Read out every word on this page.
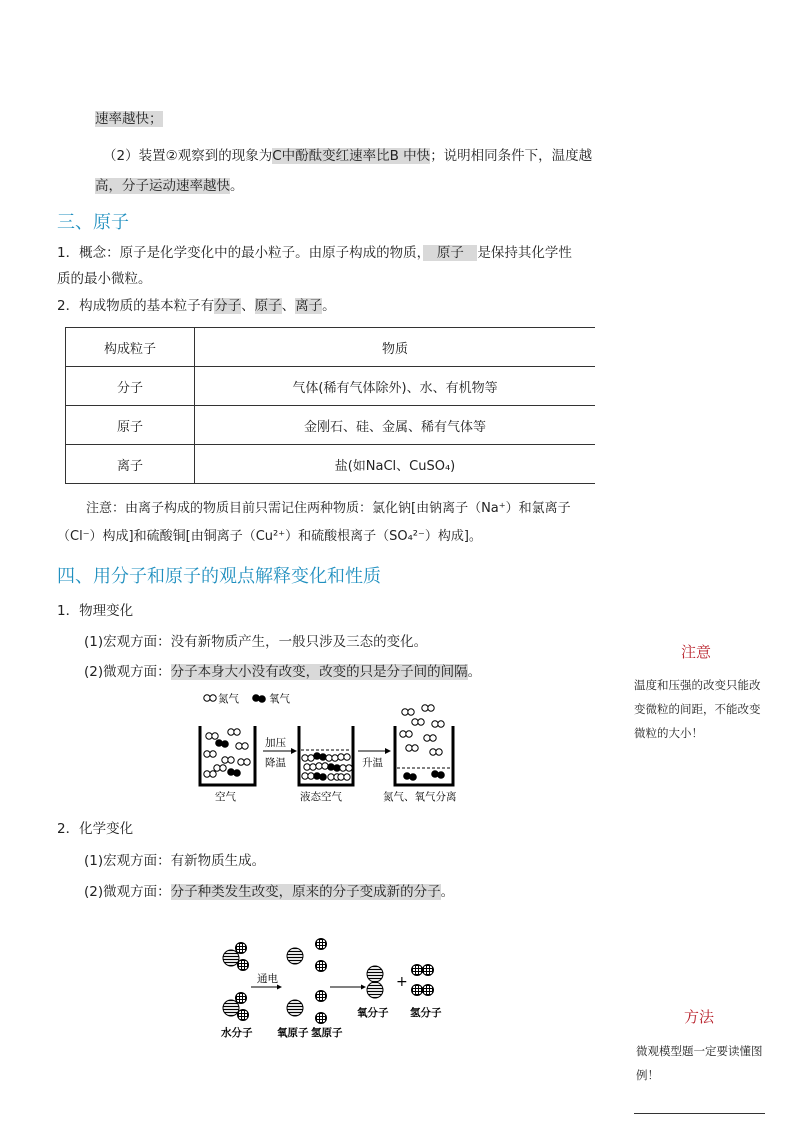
速率越快；
（2）装置②观察到的现象为C中酚酞变红速率比B 中快；说明相同条件下，温度越
高，分子运动速率越快。
三、原子
1．概念：原子是化学变化中的最小粒子。由原子构成的物质，　原子　是保持其化学性
质的最小微粒。
2．构成物质的基本粒子有分子、原子、离子。
构成粒子	物质
分子	气体(稀有气体除外)、水、有机物等
原子	金刚石、硅、金属、稀有气体等
离子	盐(如NaCl、CuSO₄)
注意：由离子构成的物质目前只需记住两种物质：氯化钠[由钠离子（Na⁺）和氯离子
（Cl⁻）构成]和硫酸铜[由铜离子（Cu²⁺）和硫酸根离子（SO₄²⁻）构成]。
四、用分子和原子的观点解释变化和性质
1．物理变化
(1)宏观方面：没有新物质产生，一般只涉及三态的变化。
(2)微观方面：分子本身大小没有改变，改变的只是分子间的间隔。
氮气	氧气
加压
降温	升温
空气	液态空气	氮气、氧气分离
2．化学变化
(1)宏观方面：有新物质生成。
(2)微观方面：分子种类发生改变，原来的分子变成新的分子。
通电	+
水分子 氧原子 氢原子
氧分子 氢分子
注意
温度和压强的改变只能改变微粒的间距，不能改变微粒的大小！
方法
微观模型题一定要读懂图例！
